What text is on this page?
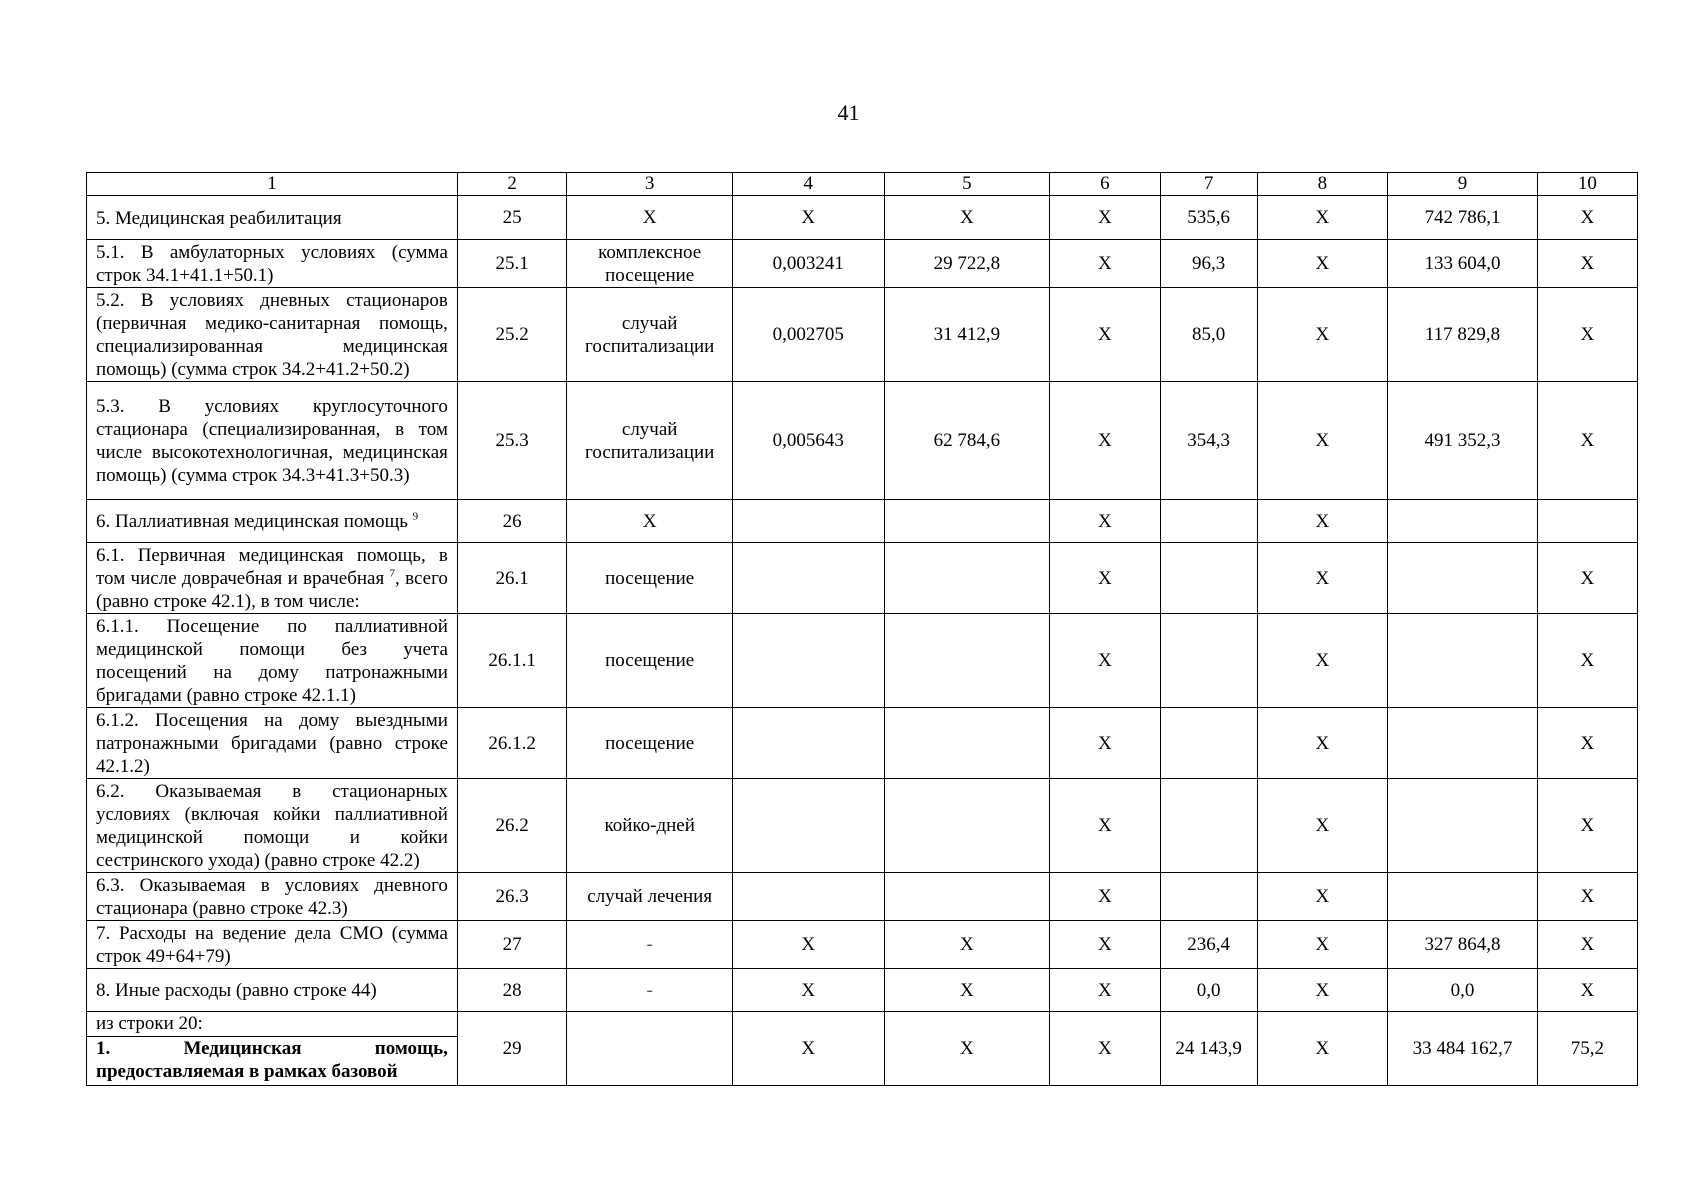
41
1	2	3	4	5	6	7	8	9	10
5. Медицинская реабилитация	25	X	X	X	X	535,6	X	742 786,1	X
5.1. В амбулаторных условиях (сумма строк 34.1+41.1+50.1)	25.1	комплексное посещение	0,003241	29 722,8	X	96,3	X	133 604,0	X
5.2. В условиях дневных стационаров (первичная медико-санитарная помощь, специализированная медицинская помощь) (сумма строк 34.2+41.2+50.2)	25.2	случай госпитализации	0,002705	31 412,9	X	85,0	X	117 829,8	X
5.3. В условиях круглосуточного стационара (специализированная, в том числе высокотехнологичная, медицинская помощь) (сумма строк 34.3+41.3+50.3)	25.3	случай госпитализации	0,005643	62 784,6	X	354,3	X	491 352,3	X
6. Паллиативная медицинская помощь $^9$	26	X			X		X		
6.1. Первичная медицинская помощь, в том числе доврачебная и врачебная $^7$, всего (равно строке 42.1), в том числе:	26.1	посещение			X		X		X
6.1.1. Посещение по паллиативной медицинской помощи без учета посещений на дому патронажными бригадами (равно строке 42.1.1)	26.1.1	посещение			X		X		X
6.1.2. Посещения на дому выездными патронажными бригадами (равно строке 42.1.2)	26.1.2	посещение			X		X		X
6.2. Оказываемая в стационарных условиях (включая койки паллиативной медицинской помощи и койки сестринского ухода) (равно строке 42.2)	26.2	койко-дней			X		X		X
6.3. Оказываемая в условиях дневного стационара (равно строке 42.3)	26.3	случай лечения			X		X		X
7. Расходы на ведение дела СМО (сумма строк 49+64+79)	27	-	X	X	X	236,4	X	327 864,8	X
8. Иные расходы (равно строке 44)	28	-	X	X	X	0,0	X	0,0	X

из строки 20:
1. Медицинская помощь, предоставляемая в рамках базовой	29		X	X	X	24 143,9	X	33 484 162,7	75,2
